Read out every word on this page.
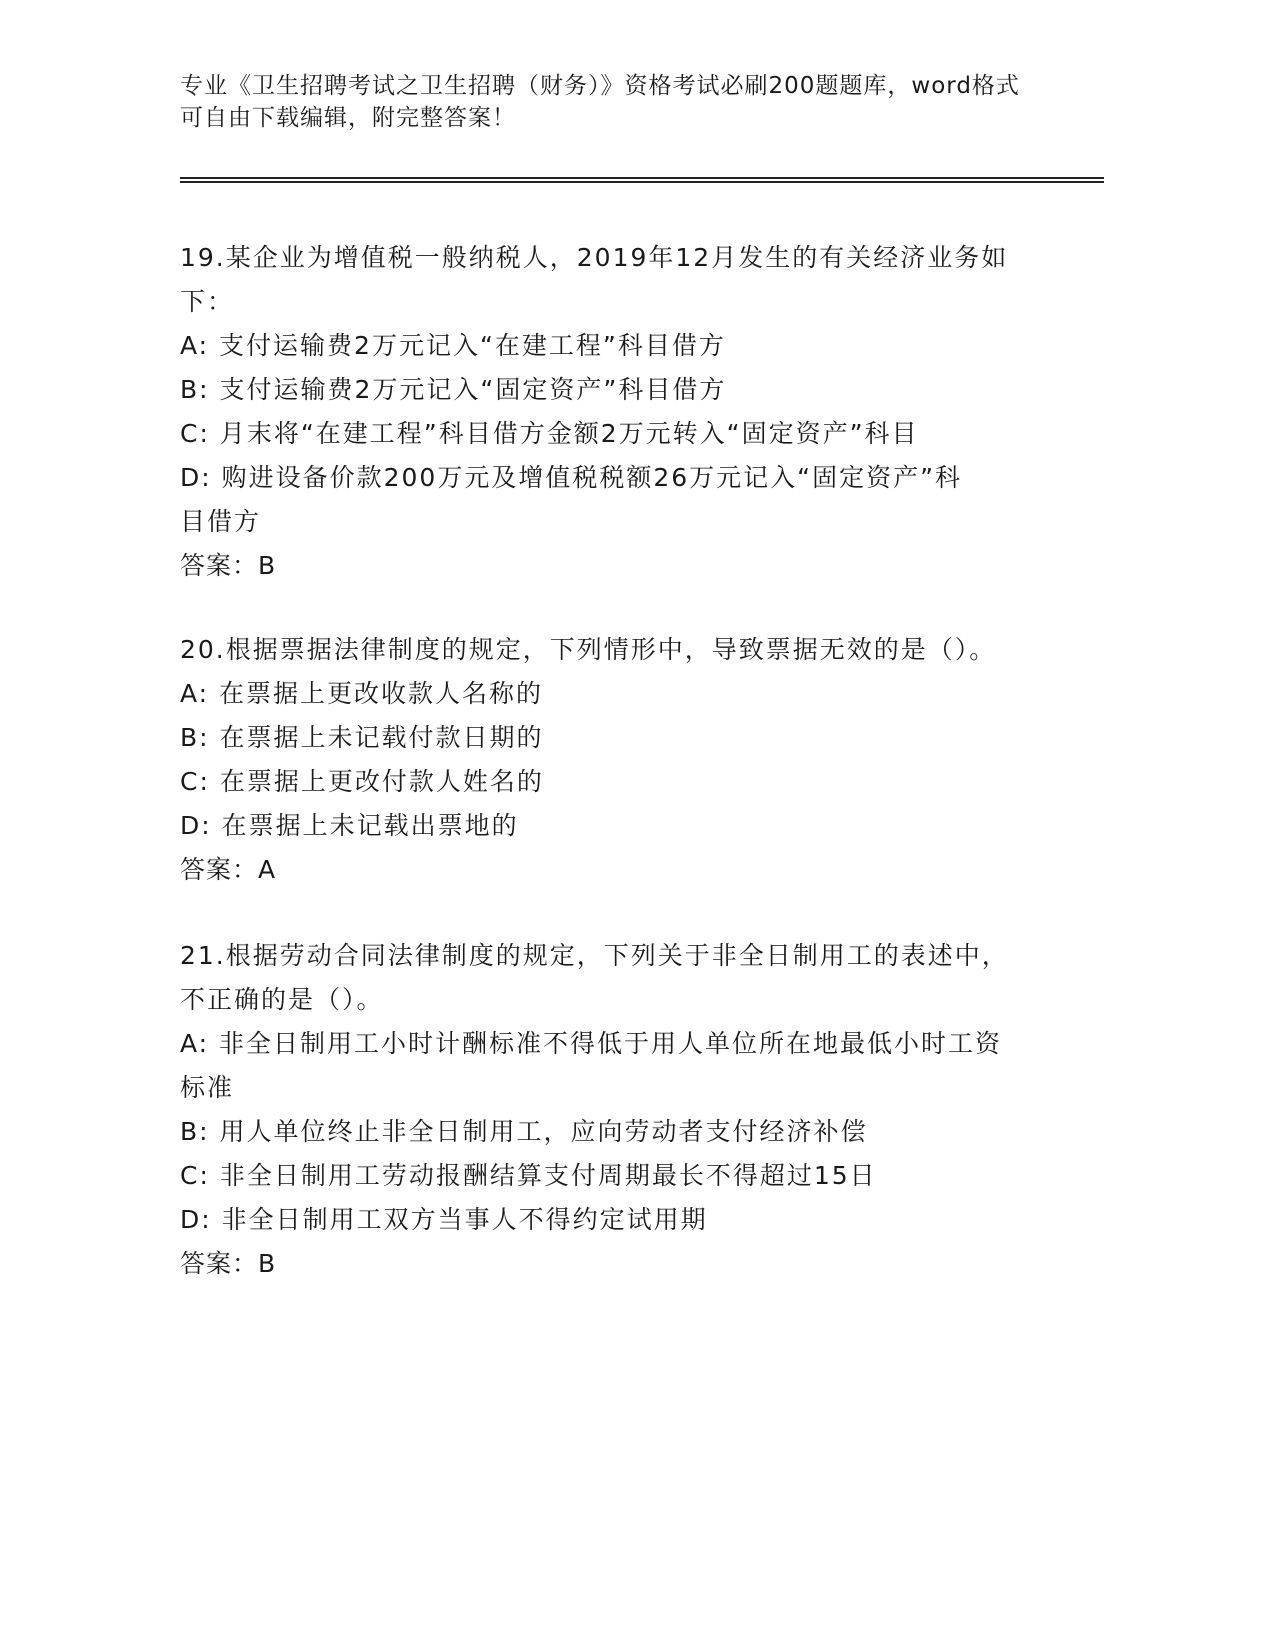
专业《卫生招聘考试之卫生招聘（财务）》资格考试必刷200题题库，word格式
可自由下载编辑，附完整答案！

19.某企业为增值税一般纳税人，2019年12月发生的有关经济业务如

下：

A: 支付运输费2万元记入“在建工程”科目借方

B: 支付运输费2万元记入“固定资产”科目借方

C: 月末将“在建工程”科目借方金额2万元转入“固定资产”科目

D: 购进设备价款200万元及增值税税额26万元记入“固定资产”科

目借方

答案：B

20.根据票据法律制度的规定，下列情形中，导致票据无效的是（）。

A: 在票据上更改收款人名称的

B: 在票据上未记载付款日期的

C: 在票据上更改付款人姓名的

D: 在票据上未记载出票地的

答案：A

21.根据劳动合同法律制度的规定，下列关于非全日制用工的表述中，

不正确的是（）。

A: 非全日制用工小时计酬标准不得低于用人单位所在地最低小时工资

标准

B: 用人单位终止非全日制用工，应向劳动者支付经济补偿

C: 非全日制用工劳动报酬结算支付周期最长不得超过15日

D: 非全日制用工双方当事人不得约定试用期

答案：B
